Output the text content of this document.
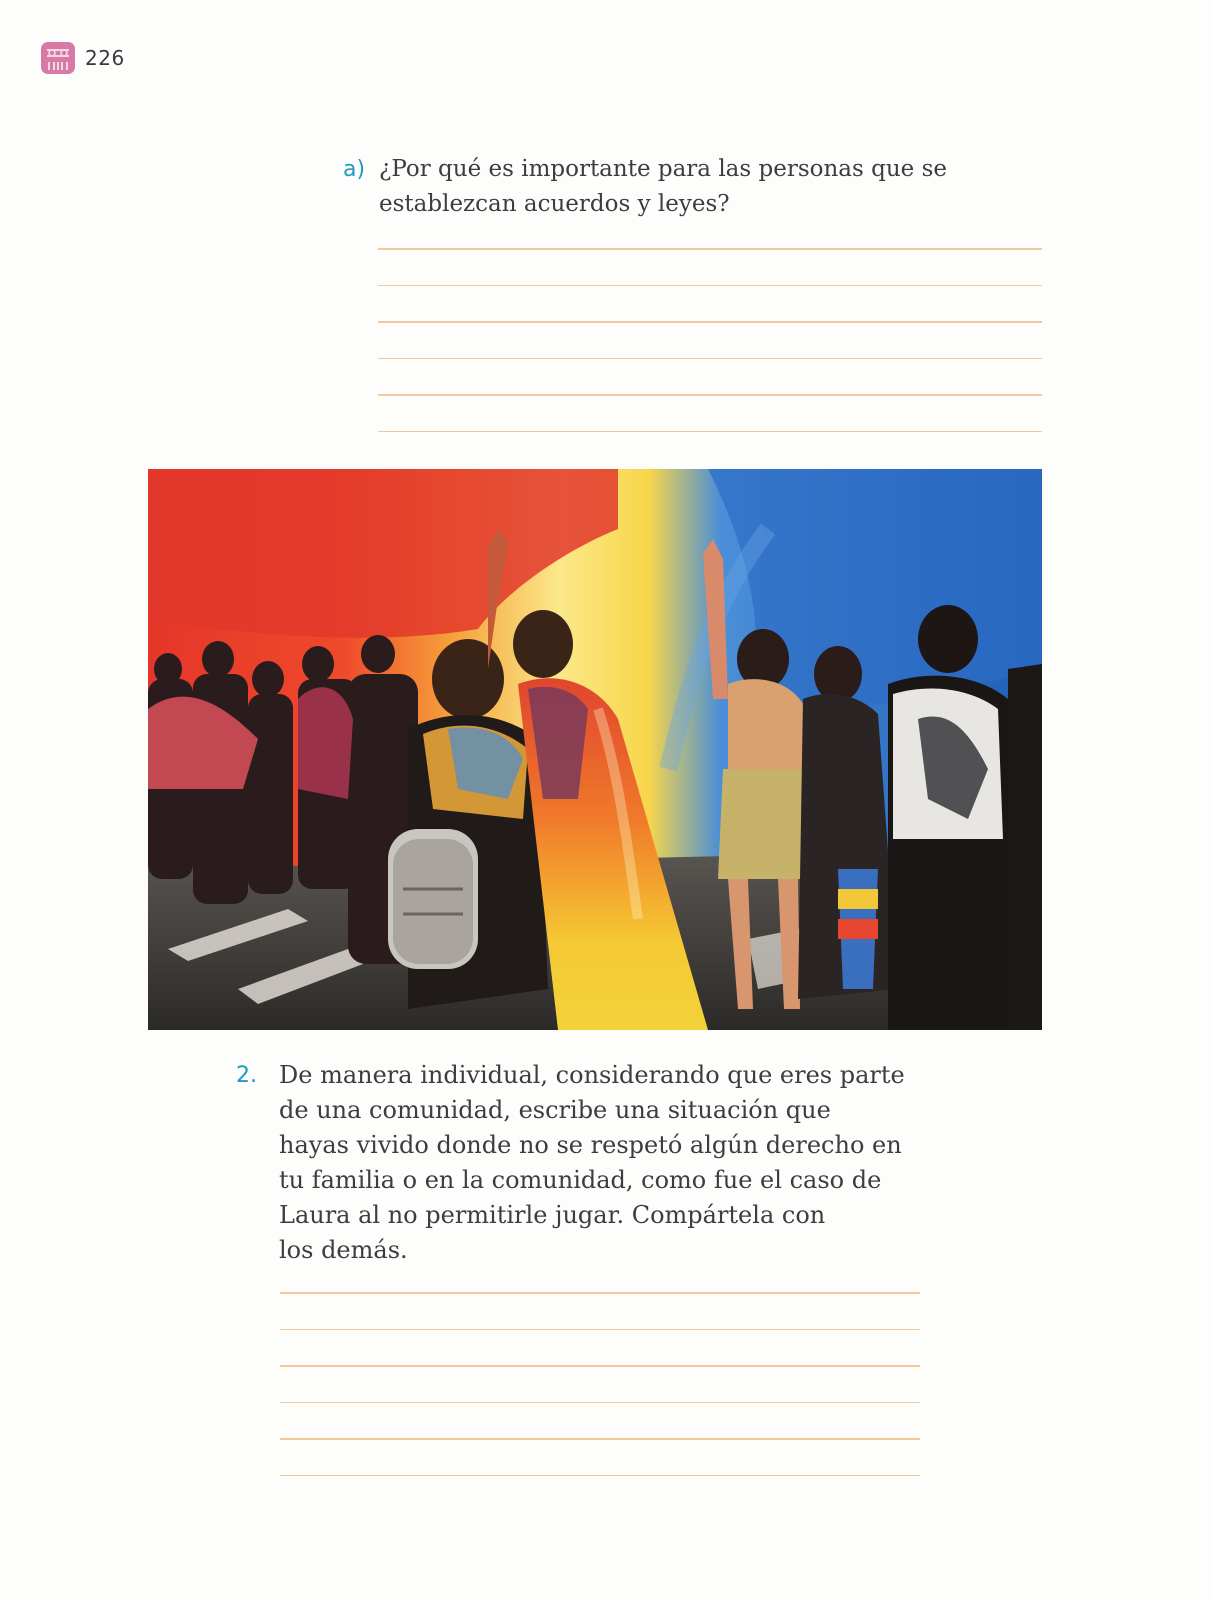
226
a) ¿Por qué es importante para las personas que se
establezcan acuerdos y leyes?
2. De manera individual, considerando que eres parte
de una comunidad, escribe una situación que
hayas vivido donde no se respetó algún derecho en
tu familia o en la comunidad, como fue el caso de
Laura al no permitirle jugar. Compártela con
los demás.
